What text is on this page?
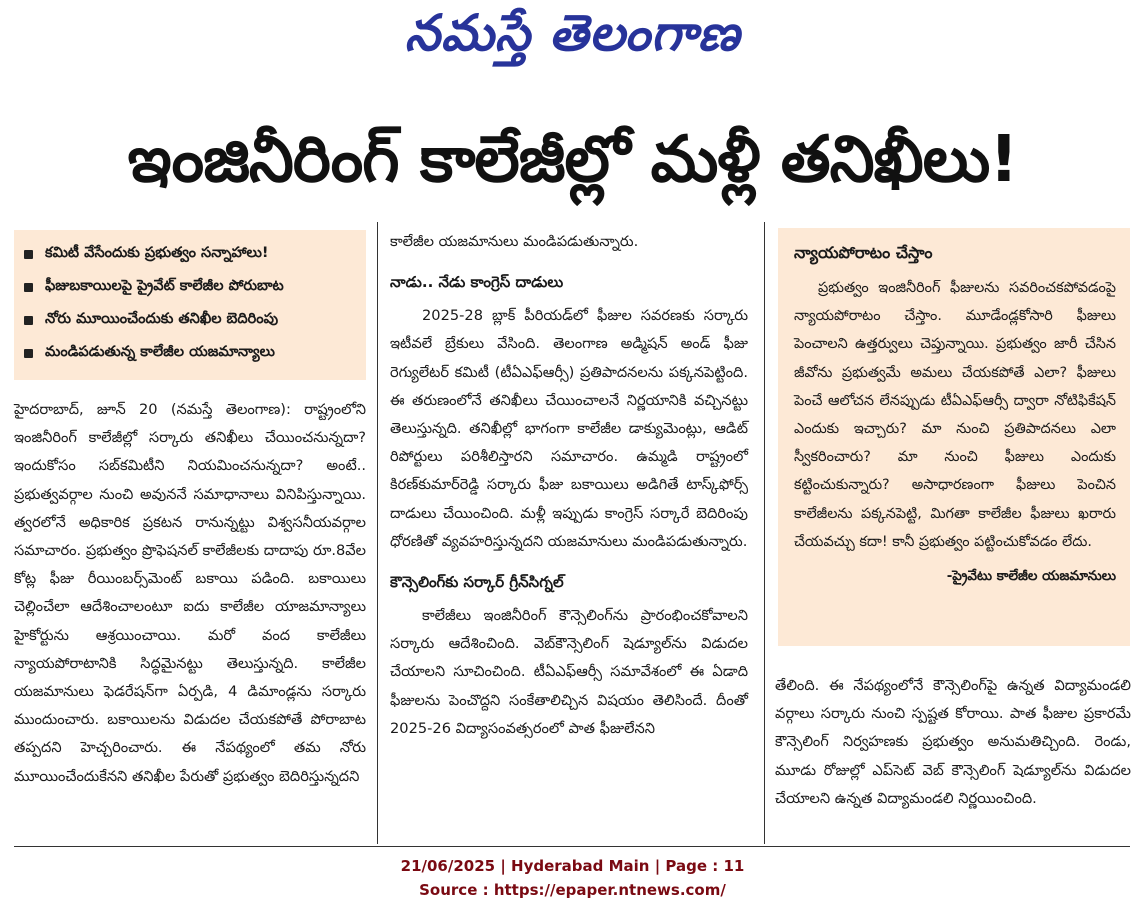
నమస్తే తెలంగాణ
ఇంజినీరింగ్ కాలేజీల్లో మళ్లీ తనిఖీలు!
కమిటీ వేసేందుకు ప్రభుత్వం సన్నాహాలు!
ఫీజుబకాయిలపై ప్రైవేట్ కాలేజీల పోరుబాట
నోరు మూయించేందుకు తనిఖీల బెదిరింపు
మండిపడుతున్న కాలేజీల యజమాన్యాలు

హైదరాబాద్, జూన్ 20 (నమస్తే తెలంగాణ): రాష్ట్రంలోని ఇంజినీరింగ్ కాలేజీల్లో సర్కారు తనిఖీలు చేయించనున్నదా? ఇందుకోసం సబ్‌కమిటీని నియమించనున్నదా? అంటే.. ప్రభుత్వవర్గాల నుంచి అవుననే సమాధానాలు వినిపిస్తున్నాయి. త్వరలోనే అధికారిక ప్రకటన రానున్నట్టు విశ్వసనీయవర్గాల సమాచారం. ప్రభుత్వం ప్రొఫెషనల్ కాలేజీలకు దాదాపు రూ.8వేల కోట్ల ఫీజు రీయింబర్స్‌మెంట్ బకాయి పడింది. బకాయిలు చెల్లించేలా ఆదేశించాలంటూ ఐదు కాలేజీల యాజమాన్యాలు హైకోర్టును ఆశ్రయించాయి. మరో వంద కాలేజీలు న్యాయపోరాటానికి సిద్ధమైనట్టు తెలుస్తున్నది. కాలేజీల యజమానులు ఫెడరేషన్‌గా ఏర్పడి, 4 డిమాండ్లను సర్కారు ముందుంచారు. బకాయిలను విడుదల చేయకపోతే పోరాబాట తప్పదని హెచ్చరించారు. ఈ నేపథ్యంలో తమ నోరు మూయించేందుకేనని తనిఖీల పేరుతో ప్రభుత్వం బెదిరిస్తున్నదని

కాలేజీల యజమానులు మండిపడుతున్నారు.

నాడు.. నేడు కాంగ్రెస్ దాడులు

2025-28 బ్లాక్ పీరియడ్‌లో ఫీజుల సవరణకు సర్కారు ఇటీవలే బ్రేకులు వేసింది. తెలంగాణ అడ్మిషన్ అండ్ ఫీజు రెగ్యులేటర్ కమిటీ (టీఏఎఫ్ఆర్సీ) ప్రతిపాదనలను పక్కనపెట్టింది. ఈ తరుణంలోనే తనిఖీలు చేయించాలనే నిర్ణయానికి వచ్చినట్టు తెలుస్తున్నది. తనిఖీల్లో భాగంగా కాలేజీల డాక్యుమెంట్లు, ఆడిట్ రిపోర్టులు పరిశీలిస్తారని సమాచారం. ఉమ్మడి రాష్ట్రంలో కిరణ్‌కుమార్‌రెడ్డి సర్కారు ఫీజు బకాయిలు అడిగితే టాస్క్‌ఫోర్స్ దాడులు చేయించింది. మళ్లీ ఇప్పుడు కాంగ్రెస్ సర్కారే బెదిరింపు ధోరణితో వ్యవహరిస్తున్నదని యజమానులు మండిపడుతున్నారు.

కౌన్సెలింగ్‌కు సర్కార్ గ్రీన్‌సిగ్నల్

కాలేజీలు ఇంజినీరింగ్ కౌన్సెలింగ్‌ను ప్రారంభించకోవాలని సర్కారు ఆదేశించింది. వెబ్‌కౌన్సెలింగ్ షెడ్యూల్‌ను విడుదల చేయాలని సూచించింది. టీఏఎఫ్ఆర్సీ సమావేశంలో ఈ ఏడాది ఫీజులను పెంచొద్దని సంకేతాలిచ్చిన విషయం తెలిసిందే. దీంతో 2025-26 విద్యాసంవత్సరంలో పాత ఫీజులేనని

న్యాయపోరాటం చేస్తాం

ప్రభుత్వం ఇంజినీరింగ్ ఫీజులను సవరించకపోవడంపై న్యాయపోరాటం చేస్తాం. మూడేండ్లకోసారి ఫీజులు పెంచాలని ఉత్తర్వులు చెప్తున్నాయి. ప్రభుత్వం జారీ చేసిన జీవోను ప్రభుత్వమే అమలు చేయకపోతే ఎలా? ఫీజులు పెంచే ఆలోచన లేనప్పుడు టీఏఎఫ్ఆర్సీ ద్వారా నోటిఫికేషన్ ఎందుకు ఇచ్చారు? మా నుంచి ప్రతిపాదనలు ఎలా స్వీకరించారు? మా నుంచి ఫీజులు ఎందుకు కట్టించుకున్నారు? అసాధారణంగా ఫీజులు పెంచిన కాలేజీలను పక్కనపెట్టి, మిగతా కాలేజీల ఫీజులు ఖరారు చేయవచ్చు కదా! కానీ ప్రభుత్వం పట్టించుకోవడం లేదు.

-ప్రైవేటు కాలేజీల యజమానులు

తేలింది. ఈ నేపథ్యంలోనే కౌన్సెలింగ్‌పై ఉన్నత విద్యామండలి వర్గాలు సర్కారు నుంచి స్పష్టత కోరాయి. పాత ఫీజుల ప్రకారమే కౌన్సెలింగ్ నిర్వహణకు ప్రభుత్వం అనుమతిచ్చింది. రెండు, మూడు రోజుల్లో ఎప్‌సెట్ వెబ్ కౌన్సెలింగ్ షెడ్యూల్‌ను విడుదల చేయాలని ఉన్నత విద్యామండలి నిర్ణయించింది.

21/06/2025 | Hyderabad Main | Page : 11
Source : https://epaper.ntnews.com/
